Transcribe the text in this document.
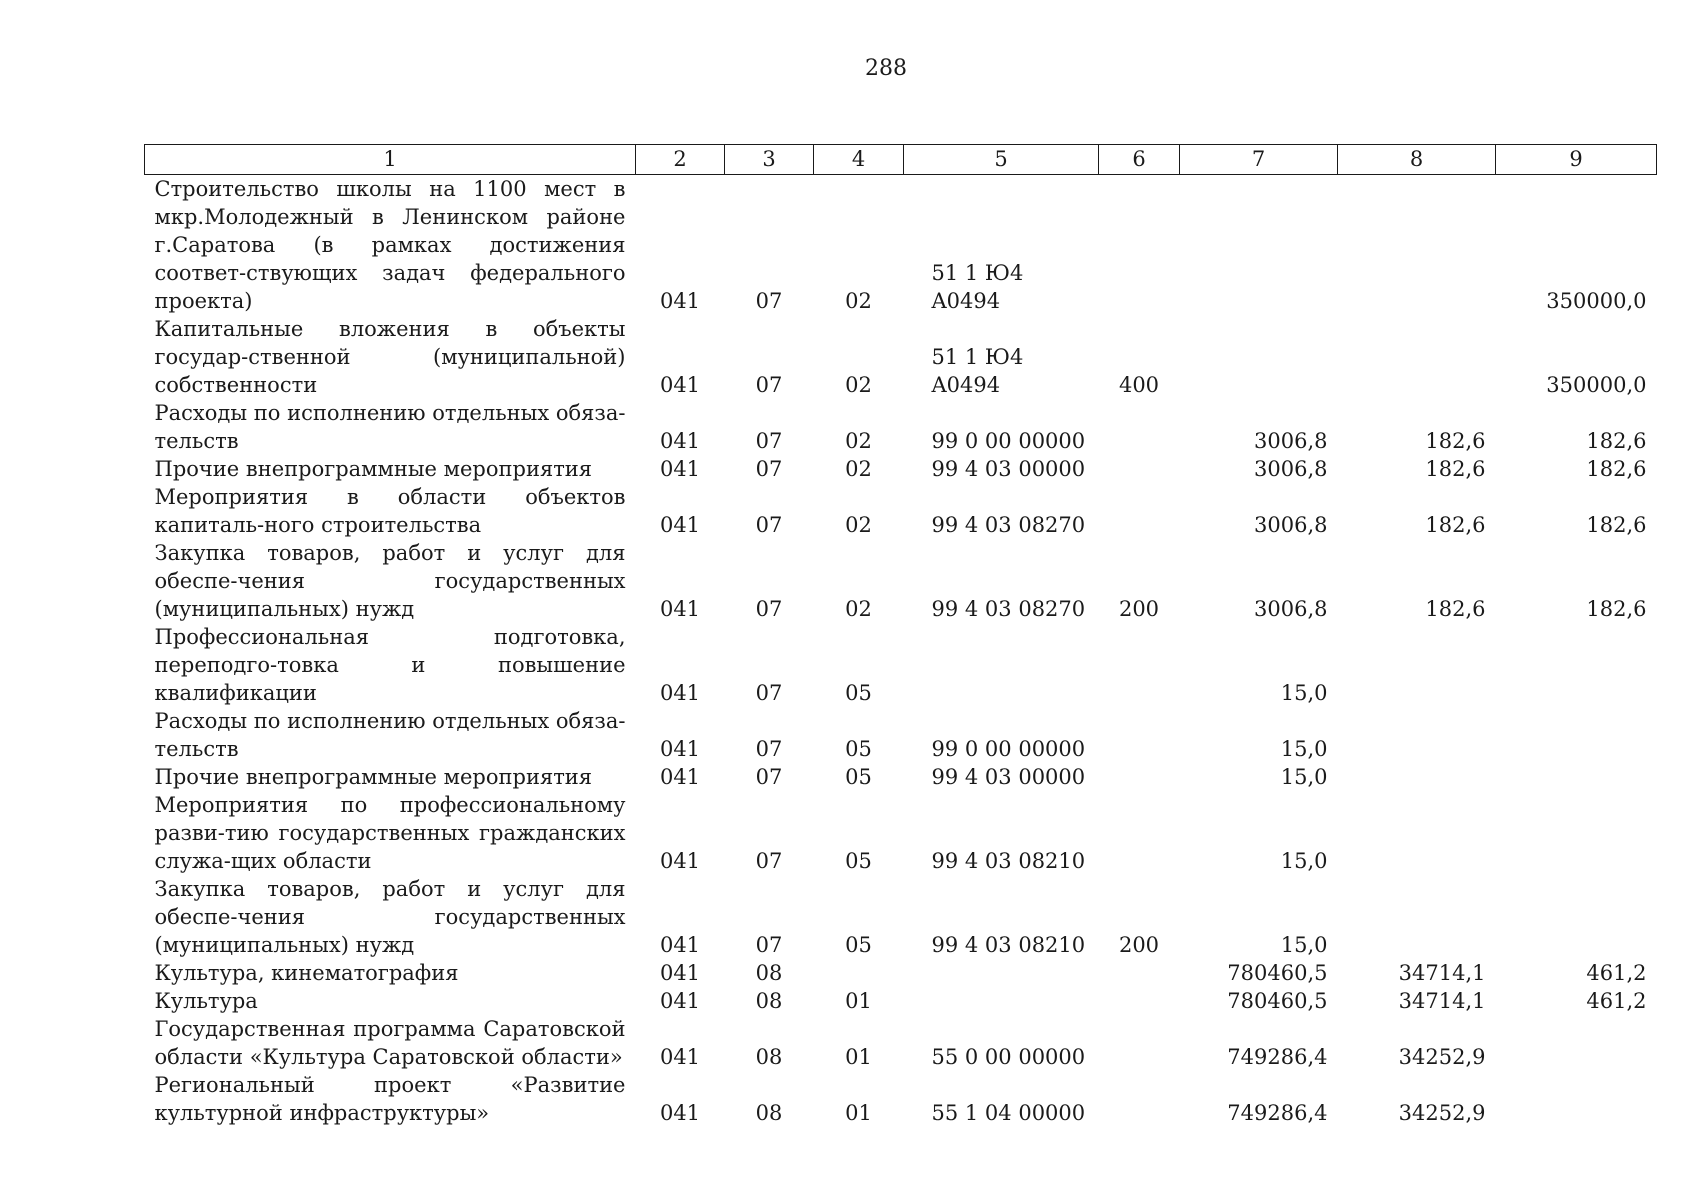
288
1	2	3	4	5	6	7	8	9
Строительство школы на 1100 мест в мкр.Молодежный в Ленинском районе г.Саратова (в рамках достижения соответ-ствующих задач федерального проекта)	041	07	02	51 1 Ю4 A0494				350000,0
Капитальные вложения в объекты государ-ственной (муниципальной) собственности	041	07	02	51 1 Ю4 A0494	400			350000,0
Расходы по исполнению отдельных обяза-тельств	041	07	02	99 0 00 00000		3006,8	182,6	182,6
Прочие внепрограммные мероприятия	041	07	02	99 4 03 00000		3006,8	182,6	182,6
Мероприятия в области объектов капиталь-ного строительства	041	07	02	99 4 03 08270		3006,8	182,6	182,6
Закупка товаров, работ и услуг для обеспе-чения государственных (муниципальных) нужд	041	07	02	99 4 03 08270	200	3006,8	182,6	182,6
Профессиональная подготовка, переподго-товка и повышение квалификации	041	07	05			15,0		
Расходы по исполнению отдельных обяза-тельств	041	07	05	99 0 00 00000		15,0		
Прочие внепрограммные мероприятия	041	07	05	99 4 03 00000		15,0		
Мероприятия по профессиональному разви-тию государственных гражданских служа-щих области	041	07	05	99 4 03 08210		15,0		
Закупка товаров, работ и услуг для обеспе-чения государственных (муниципальных) нужд	041	07	05	99 4 03 08210	200	15,0		
Культура, кинематография	041	08				780460,5	34714,1	461,2
Культура	041	08	01			780460,5	34714,1	461,2
Государственная программа Саратовской области «Культура Саратовской области»	041	08	01	55 0 00 00000		749286,4	34252,9	
Региональный проект «Развитие культурной инфраструктуры»	041	08	01	55 1 04 00000		749286,4	34252,9	
